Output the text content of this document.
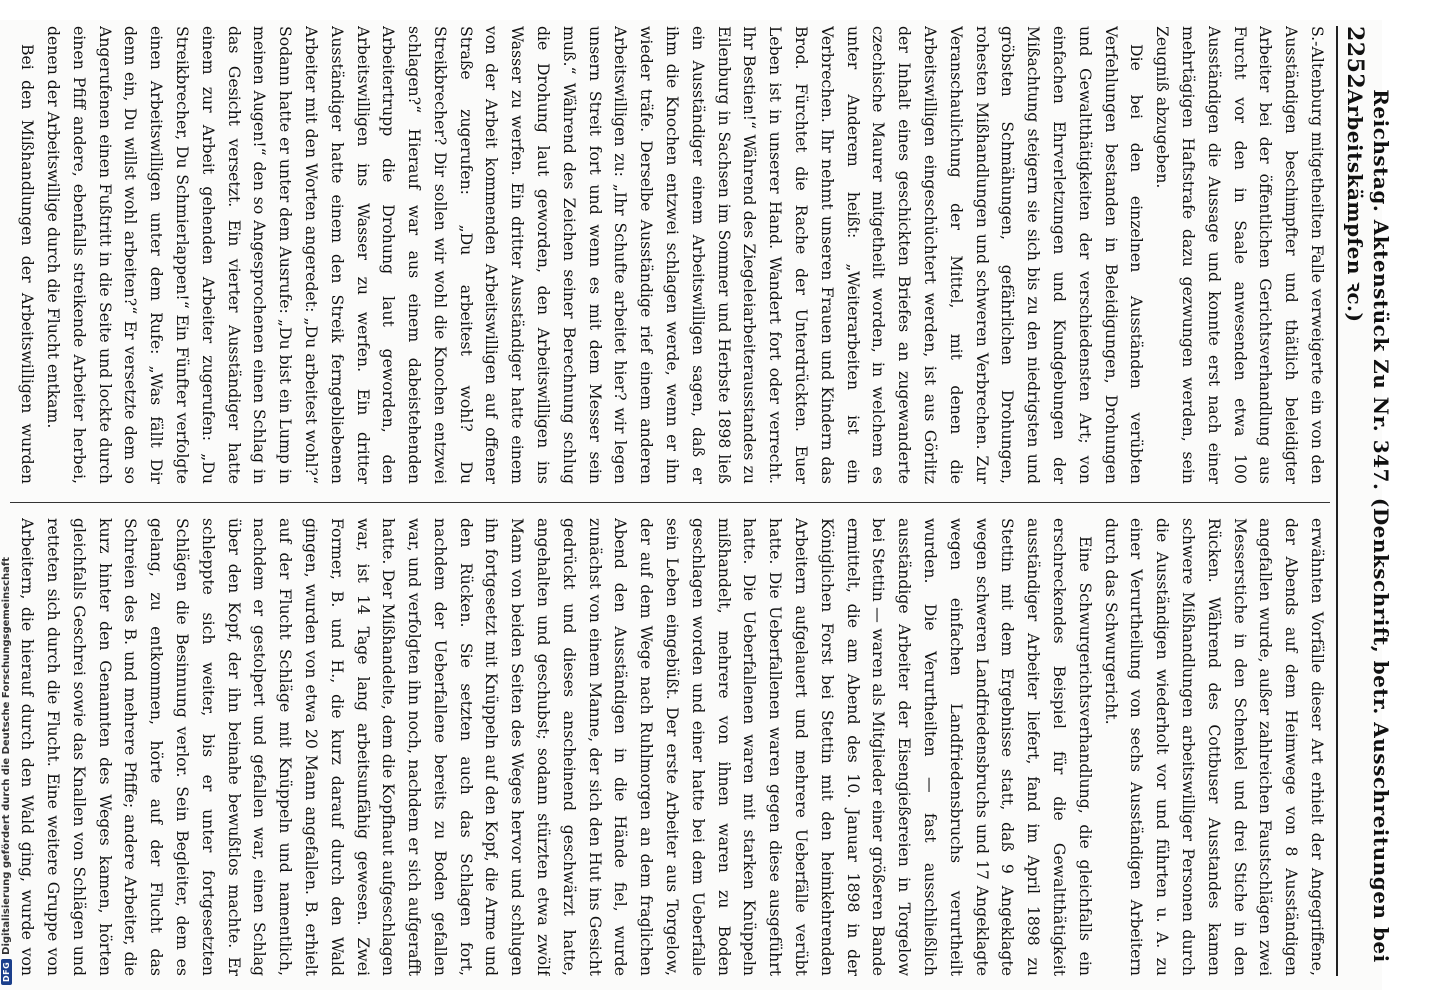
2252
Reichstag. Aktenstück Zu Nr. 347. (Denkschrift, betr. Ausschreitungen bei Arbeitskämpfen ꝛc.)

S.-Altenburg mitgetheilten Falle verweigerte ein von den Ausständigen beschimpfter und thätlich beleidigter Arbeiter bei der öffentlichen Gerichtsverhandlung aus Furcht vor den in Saale anwesenden etwa 100 Ausständigen die Aussage und konnte erst nach einer mehrtägigen Haftstrafe dazu gezwungen werden, sein Zeugniß abzugeben.

Die bei den einzelnen Ausständen verübten Verfehlungen bestanden in Beleidigungen, Drohungen und Gewaltthätigkeiten der verschiedensten Art; von einfachen Ehrverletzungen und Kundgebungen der Mißachtung steigern sie sich bis zu den niedrigsten und gröbsten Schmähungen, gefährlichen Drohungen, rohesten Mißhandlungen und schweren Verbrechen. Zur Veranschaulichung der Mittel, mit denen die Arbeitswilligen eingeschüchtert werden, ist aus Görlitz der Inhalt eines geschickten Briefes an zugewanderte czechische Maurer mitgetheilt worden, in welchem es unter Anderem heißt: „Weiterarbeiten ist ein Verbrechen. Ihr nehmt unseren Frauen und Kindern das Brod. Fürchtet die Rache der Unterdrückten. Euer Leben ist in unserer Hand. Wandert fort oder verrecht. Ihr Bestien!“ Während des Ziegeleiarbeiterausstandes zu Eilenburg in Sachsen im Sommer und Herbste 1898 ließ ein Ausständiger einem Arbeitswilligen sagen, daß er ihm die Knochen entzwei schlagen werde, wenn er ihn wieder träfe. Derselbe Ausständige rief einem anderen Arbeitswilligen zu: „Ihr Schufte arbeitet hier? wir legen unsern Streit fort und wenn es mit dem Messer sein muß.“ Während des Zeichen seiner Berechnung schlug die Drohung laut geworden, den Arbeitswilligen ins Wasser zu werfen. Ein dritter Ausständiger hatte einem von der Arbeit kommenden Arbeitswilligen auf offener Straße zugerufen: „Du arbeitest wohl? Du Streikbrecher? Dir sollen wir wohl die Knochen entzwei schlagen?“ Hierauf war aus einem dabeistehenden Arbeitertrupp die Drohung laut geworden, den Arbeitswilligen ins Wasser zu werfen. Ein dritter Ausständiger hatte einem den Streik ferngebliebenen Arbeiter mit den Worten angeredet: „Du arbeitest wohl?“ Sodann hatte er unter dem Ausrufe: „Du bist ein Lump in meinen Augen!“ den so Angesprochenen einen Schlag in das Gesicht versetzt. Ein vierter Ausständiger hatte einem zur Arbeit gehenden Arbeiter zugerufen: „Du Streikbrecher, Du Schmierlappen!“ Ein Fünfter verfolgte einen Arbeitswilligen unter dem Rufe: „Was fällt Dir denn ein, Du willst wohl arbeiten?“ Er versetzte dem so Angerufenen einen Fußtritt in die Seite und lockte durch einen Pfiff andere, ebenfalls streikende Arbeiter herbei, denen der Arbeitswillige durch die Flucht entkam.

Bei den Mißhandlungen der Arbeitswilligen wurden

erwähnten Vorfälle dieser Art erhielt der Angegriffene, der Abends auf dem Heimwege von 8 Ausständigen angefallen wurde, außer zahlreichen Faustschlägen zwei Messerstiche in den Schenkel und drei Stiche in den Rücken. Während des Cottbuser Ausstandes kamen schwere Mißhandlungen arbeitswilliger Personen durch die Ausständigen wiederholt vor und führten u. A. zu einer Verurtheilung von sechs Ausständigen Arbeitern durch das Schwurgericht.

Eine Schwurgerichtsverhandlung, die gleichfalls ein erschreckendes Beispiel für die Gewaltthätigkeit ausständiger Arbeiter liefert, fand im April 1898 zu Stettin mit dem Ergebnisse statt, daß 9 Angeklagte wegen schweren Landfriedensbruchs und 17 Angeklagte wegen einfachen Landfriedensbruchs verurtheilt wurden. Die Verurtheilten — fast ausschließlich ausständige Arbeiter der Eisengießereien in Torgelow bei Stettin — waren als Mitglieder einer größeren Bande ermittelt, die am Abend des 10. Januar 1898 in der Königlichen Forst bei Stettin mit den heimkehrenden Arbeitern aufgelauert und mehrere Ueberfälle verübt hatte. Die Ueberfallenen waren gegen diese ausgeführt hatte. Die Ueberfallenen waren mit starken Knüppeln mißhandelt, mehrere von ihnen waren zu Boden geschlagen worden und einer hatte bei dem Ueberfalle sein Leben eingebüßt. Der erste Arbeiter aus Torgelow, der auf dem Wege nach Ruhlmorgen an dem fraglichen Abend den Ausständigen in die Hände fiel, wurde zunächst von einem Manne, der sich den Hut ins Gesicht gedrückt und dieses anscheinend geschwärzt hatte, angehalten und geschubst; sodann stürzten etwa zwölf Mann von beiden Seiten des Weges hervor und schlugen ihn fortgesetzt mit Knüppeln auf den Kopf, die Arme und den Rücken. Sie setzten auch das Schlagen fort, nachdem der Ueberfallene bereits zu Boden gefallen war, und verfolgten ihn noch, nachdem er sich aufgerafft hatte. Der Mißhandelte, dem die Kopfhaut aufgeschlagen war, ist 14 Tage lang arbeitsunfähig gewesen. Zwei Former, B. und H., die kurz darauf durch den Wald gingen, wurden von etwa 20 Mann angefallen. B. erhielt auf der Flucht Schläge mit Knüppeln und namentlich, nachdem er gestolpert und gefallen war, einen Schlag über den Kopf, der ihn beinahe bewußtlos machte. Er schleppte sich weiter, bis er unter fortgesetzten Schlägen die Besinnung verlor. Sein Begleiter, dem es gelang, zu entkommen, hörte auf der Flucht das Schreien des B. und mehrere Pfiffe; andere Arbeiter, die kurz hinter den Genannten des Weges kamen, hörten gleichfalls Geschrei sowie das Knallen von Schlägen und retteten sich durch die Flucht. Eine weitere Gruppe von Arbeitern, die hierauf durch den Wald ging, wurde von

DFG
Digitalisierung gefördert durch die Deutsche Forschungsgemeinschaft
